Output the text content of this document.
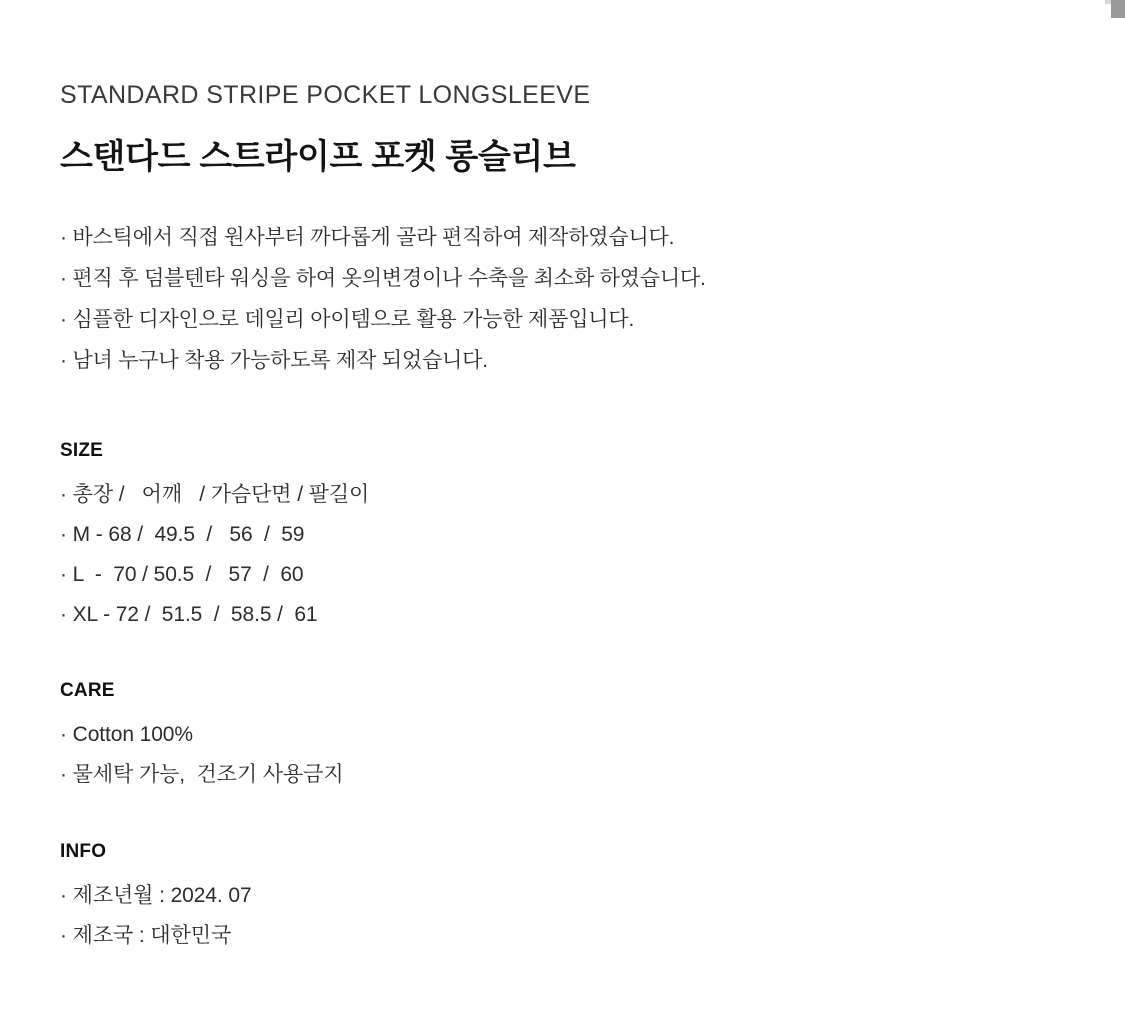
STANDARD STRIPE POCKET LONGSLEEVE
스탠다드 스트라이프 포켓 롱슬리브
· 바스틱에서 직접 원사부터 까다롭게 골라 편직하여 제작하였습니다.
· 편직 후 덤블텐타 워싱을 하여 옷의변경이나 수축을 최소화 하였습니다.
· 심플한 디자인으로 데일리 아이템으로 활용 가능한 제품입니다.
· 남녀 누구나 착용 가능하도록 제작 되었습니다.
SIZE
· 총장 /   어깨   / 가슴단면 / 팔길이
· M - 68 /  49.5  /   56  /  59
· L  -  70 / 50.5  /   57  /  60
· XL - 72 /  51.5  /  58.5 /  61
CARE
· Cotton 100%
· 물세탁 가능,  건조기 사용금지
INFO
· 제조년월 : 2024. 07
· 제조국 : 대한민국
